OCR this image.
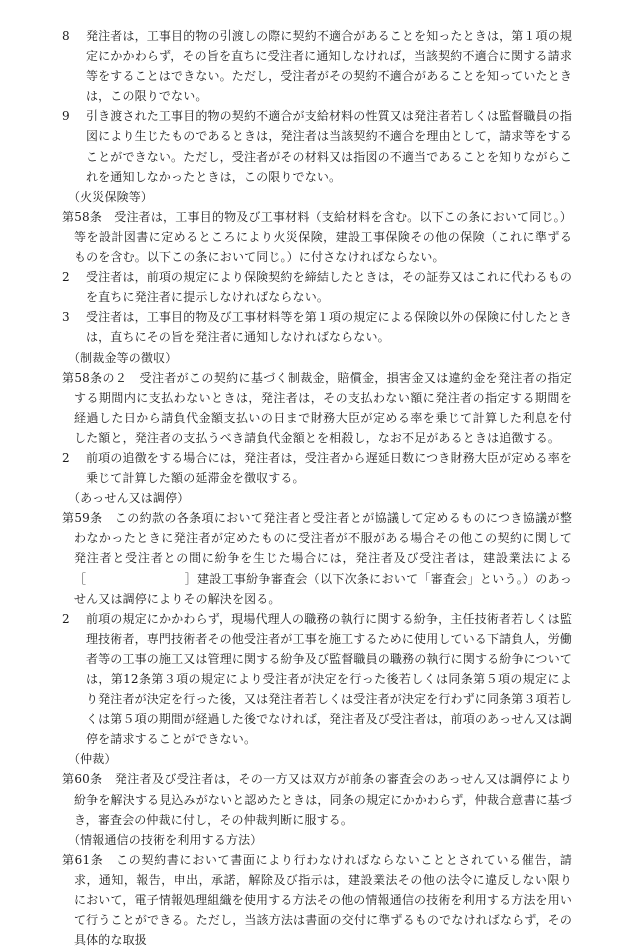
8 発注者は，工事目的物の引渡しの際に契約不適合があることを知ったときは，第１項の規定にかかわらず，その旨を直ちに受注者に通知しなければ，当該契約不適合に関する請求等をすることはできない。ただし，受注者がその契約不適合があることを知っていたときは，この限りでない。

9 引き渡された工事目的物の契約不適合が支給材料の性質又は発注者若しくは監督職員の指図により生じたものであるときは，発注者は当該契約不適合を理由として，請求等をすることができない。ただし，受注者がその材料又は指図の不適当であることを知りながらこれを通知しなかったときは，この限りでない。

（火災保険等）

第58条　受注者は，工事目的物及び工事材料（支給材料を含む。以下この条において同じ。）等を設計図書に定めるところにより火災保険，建設工事保険その他の保険（これに準ずるものを含む。以下この条において同じ。）に付さなければならない。

2 受注者は，前項の規定により保険契約を締結したときは，その証券又はこれに代わるものを直ちに発注者に提示しなければならない。

3 受注者は，工事目的物及び工事材料等を第１項の規定による保険以外の保険に付したときは，直ちにその旨を発注者に通知しなければならない。

（制裁金等の徴収）

第58条の２　受注者がこの契約に基づく制裁金，賠償金，損害金又は違約金を発注者の指定する期間内に支払わないときは，発注者は，その支払わない額に発注者の指定する期間を経過した日から請負代金額支払いの日まで財務大臣が定める率を乗じて計算した利息を付した額と，発注者の支払うべき請負代金額とを相殺し，なお不足があるときは追徴する。

2 前項の追徴をする場合には，発注者は，受注者から遅延日数につき財務大臣が定める率を乗じて計算した額の延滞金を徴収する。

（あっせん又は調停）

第59条　この約款の各条項において発注者と受注者とが協議して定めるものにつき協議が整わなかったときに発注者が定めたものに受注者が不服がある場合その他この契約に関して発注者と受注者との間に紛争を生じた場合には，発注者及び受注者は，建設業法による［　　　　　　　　］建設工事紛争審査会（以下次条において「審査会」という。）のあっせん又は調停によりその解決を図る。

2 前項の規定にかかわらず，現場代理人の職務の執行に関する紛争，主任技術者若しくは監理技術者，専門技術者その他受注者が工事を施工するために使用している下請負人，労働者等の工事の施工又は管理に関する紛争及び監督職員の職務の執行に関する紛争については，第12条第３項の規定により受注者が決定を行った後若しくは同条第５項の規定により発注者が決定を行った後，又は発注者若しくは受注者が決定を行わずに同条第３項若しくは第５項の期間が経過した後でなければ，発注者及び受注者は，前項のあっせん又は調停を請求することができない。

（仲裁）

第60条　発注者及び受注者は，その一方又は双方が前条の審査会のあっせん又は調停により紛争を解決する見込みがないと認めたときは，同条の規定にかかわらず，仲裁合意書に基づき，審査会の仲裁に付し，その仲裁判断に服する。

（情報通信の技術を利用する方法）

第61条　この契約書において書面により行わなければならないこととされている催告，請求，通知，報告，申出，承諾，解除及び指示は，建設業法その他の法令に違反しない限りにおいて，電子情報処理組織を使用する方法その他の情報通信の技術を利用する方法を用いて行うことができる。ただし，当該方法は書面の交付に準ずるものでなければならず，その具体的な取扱
